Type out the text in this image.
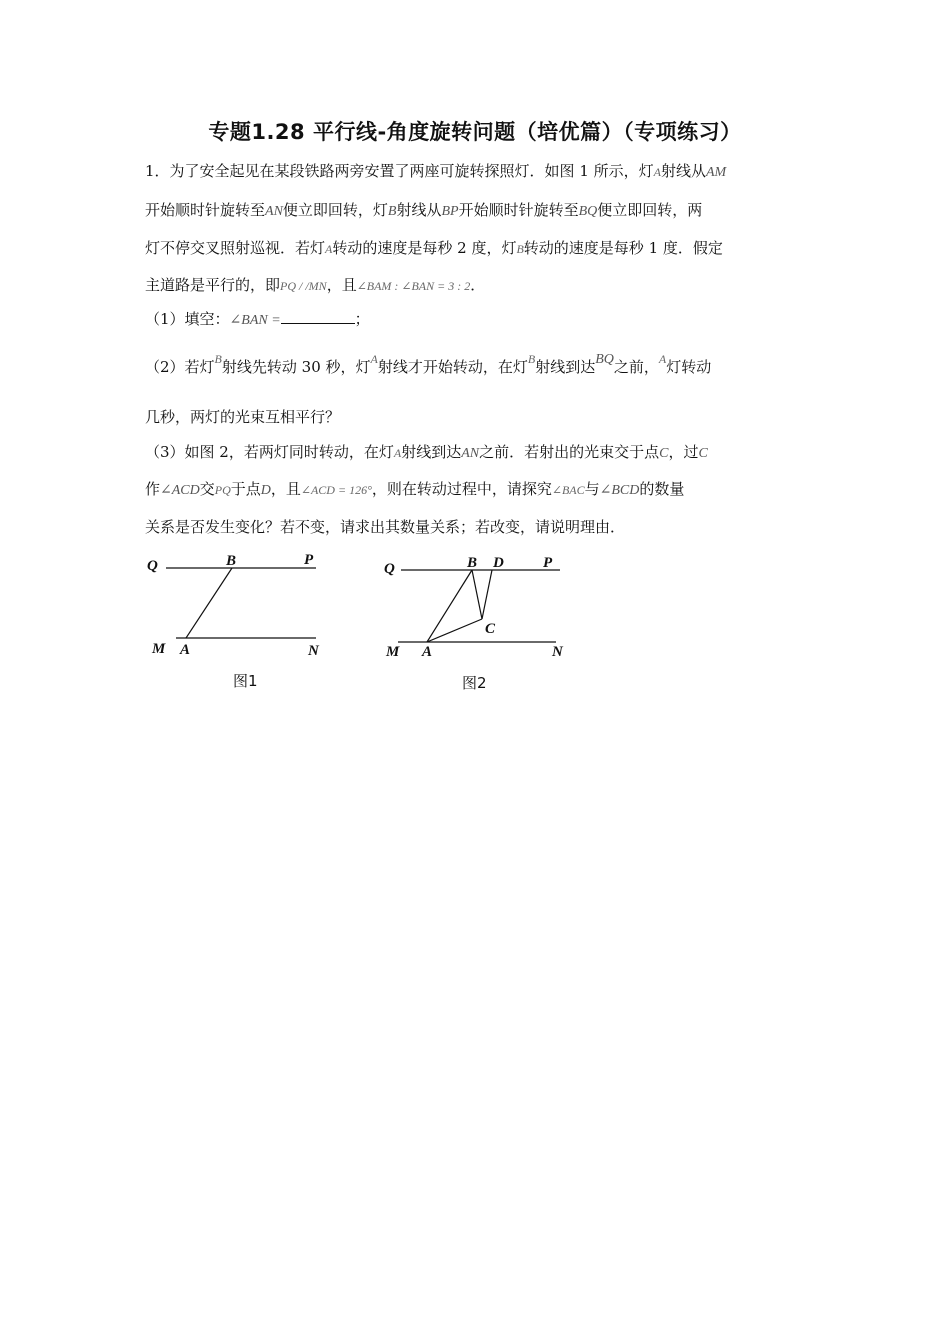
专题1.28 平行线-角度旋转问题（培优篇）（专项练习）
1．为了安全起见在某段铁路两旁安置了两座可旋转探照灯．如图 1 所示，灯A射线从AM
开始顺时针旋转至AN便立即回转，灯B射线从BP开始顺时针旋转至BQ便立即回转，两
灯不停交叉照射巡视．若灯A转动的速度是每秒 2 度，灯B转动的速度是每秒 1 度．假定
主道路是平行的，即PQ / /MN，且∠BAM : ∠BAN = 3 : 2．
（1）填空：∠BAN =	；
（2）若灯$^B$射线先转动 30 秒，灯$^A$射线才开始转动，在灯$^B$射线到达BQ之前，$^A$灯转动
几秒，两灯的光束互相平行？
（3）如图 2，若两灯同时转动，在灯A射线到达AN之前．若射出的光束交于点C，过C
作∠ACD交PQ于点D，且∠ACD = 126°，则在转动过程中，请探究∠BAC与∠BCD的数量
关系是否发生变化？若不变，请求出其数量关系；若改变，请说明理由．
Q	B	P
M A	N
图1
Q	B D	P
C
M A	N
图2
